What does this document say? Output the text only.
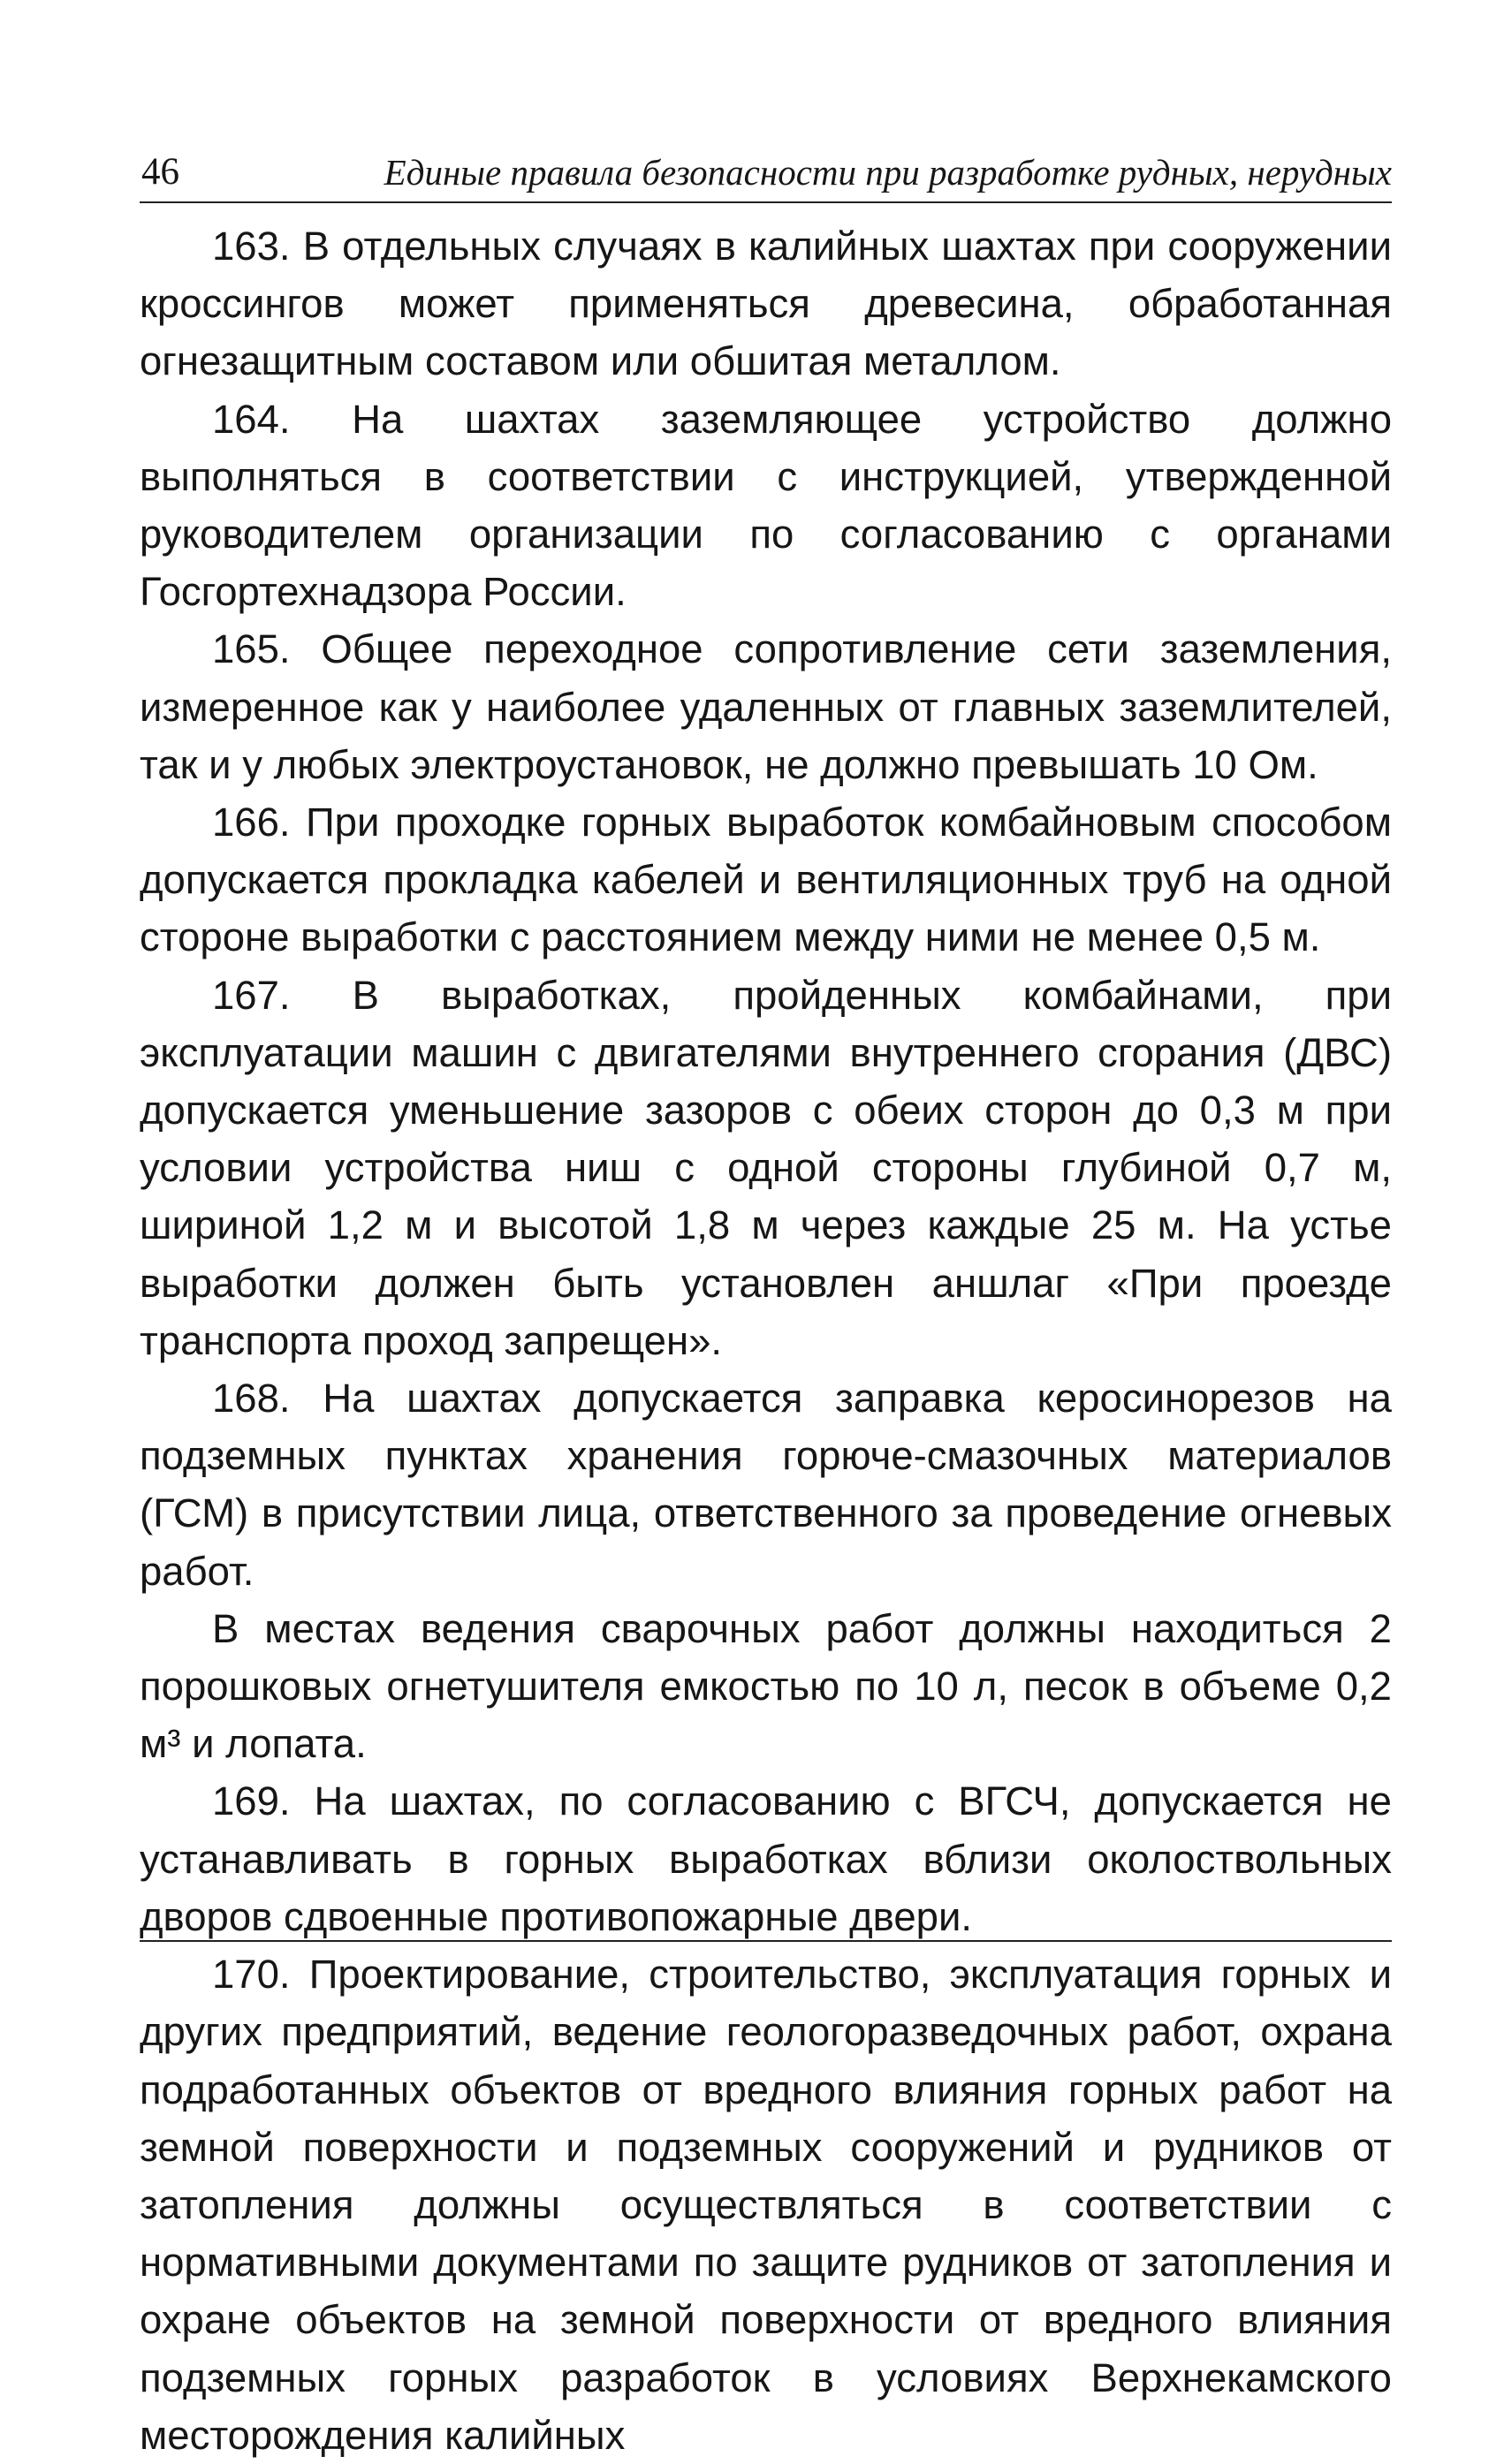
46	Единые правила безопасности при разработке рудных, нерудных

163. В отдельных случаях в калийных шахтах при сооружении кроссингов может применяться древесина, обработанная огнезащитным составом или обшитая металлом.

164. На шахтах заземляющее устройство должно выполняться в соответствии с инструкцией, утвержденной руководителем организации по согласованию с органами Госгортехнадзора России.

165. Общее переходное сопротивление сети заземления, измеренное как у наиболее удаленных от главных заземлителей, так и у любых электроустановок, не должно превышать 10 Ом.

166. При проходке горных выработок комбайновым способом допускается прокладка кабелей и вентиляционных труб на одной стороне выработки с расстоянием между ними не менее 0,5 м.

167. В выработках, пройденных комбайнами, при эксплуатации машин с двигателями внутреннего сгорания (ДВС) допускается уменьшение зазоров с обеих сторон до 0,3 м при условии устройства ниш с одной стороны глубиной 0,7 м, шириной 1,2 м и высотой 1,8 м через каждые 25 м. На устье выработки должен быть установлен аншлаг «При проезде транспорта проход запрещен».

168. На шахтах допускается заправка керосинорезов на подземных пунктах хранения горюче-смазочных материалов (ГСМ) в присутствии лица, ответственного за проведение огневых работ.

В местах ведения сварочных работ должны находиться 2 порошковых огнетушителя емкостью по 10 л, песок в объеме 0,2 м³ и лопата.

169. На шахтах, по согласованию с ВГСЧ, допускается не устанавливать в горных выработках вблизи околоствольных дворов сдвоенные противопожарные двери.

170. Проектирование, строительство, эксплуатация горных и других предприятий, ведение геологоразведочных работ, охрана подработанных объектов от вредного влияния горных работ на земной поверхности и подземных сооружений и рудников от затопления должны осуществляться в соответствии с нормативными документами по защите рудников от затопления и охране объектов на земной поверхности от вредного влияния подземных горных разработок в условиях Верхнекамского месторождения калийных
